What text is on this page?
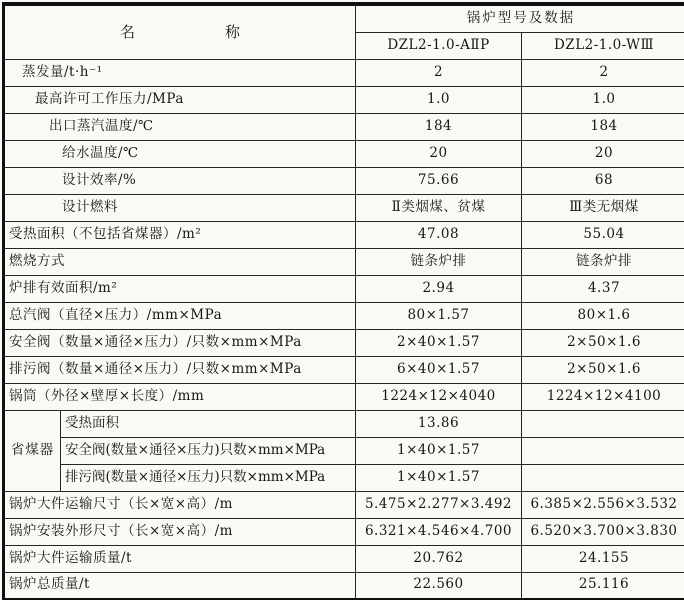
名 称		锅炉型号及数据	
		DZL2-1.0-AⅡP	DZL2-1.0-WⅢ
蒸发量/t·h⁻¹		2	2
最高许可工作压力/MPa		1.0	1.0
出口蒸汽温度/℃		184	184
给水温度/℃		20	20
设计效率/%		75.66	68
设计燃料		Ⅱ类烟煤、贫煤	Ⅲ类无烟煤
受热面积（不包括省煤器）/m²		47.08	55.04
燃烧方式		链条炉排	链条炉排
炉排有效面积/m²		2.94	4.37
总汽阀（直径×压力）/mm×MPa		80×1.57	80×1.6
安全阀（数量×通径×压力）/只数×mm×MPa		2×40×1.57	2×50×1.6
排污阀（数量×通径×压力）/只数×mm×MPa		6×40×1.57	2×50×1.6
锅筒（外径×壁厚×长度）/mm		1224×12×4040	1224×12×4100
省煤器	受热面积	13.86	
	安全阀(数量×通径×压力)只数×mm×MPa	1×40×1.57	
	排污阀(数量×通径×压力)只数×mm×MPa	1×40×1.57	
锅炉大件运输尺寸（长×宽×高）/m		5.475×2.277×3.492	6.385×2.556×3.532
锅炉安装外形尺寸（长×宽×高）/m		6.321×4.546×4.700	6.520×3.700×3.830
锅炉大件运输质量/t		20.762	24.155
锅炉总质量/t		22.560	25.116
